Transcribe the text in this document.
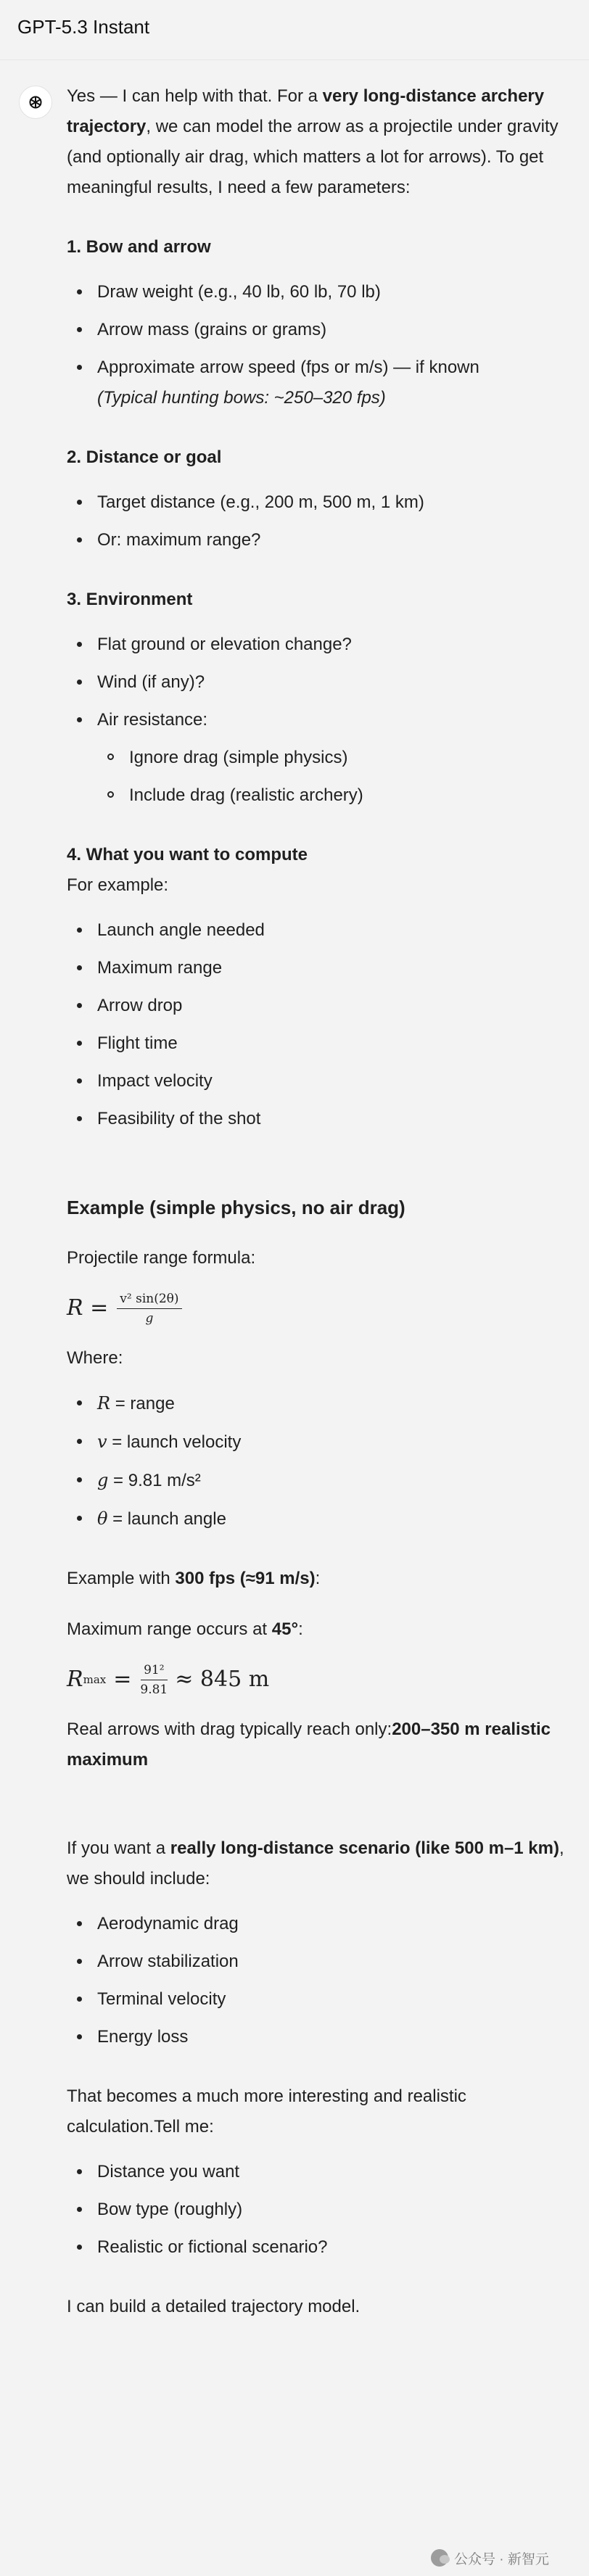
GPT-5.3 Instant

Yes — I can help with that. For a very long-distance archery trajectory, we can model the arrow as a projectile under gravity (and optionally air drag, which matters a lot for arrows). To get meaningful results, I need a few parameters:

1. Bow and arrow

Draw weight (e.g., 40 lb, 60 lb, 70 lb)
Arrow mass (grains or grams)
Approximate arrow speed (fps or m/s) — if known
(Typical hunting bows: ~250–320 fps)

2. Distance or goal

Target distance (e.g., 200 m, 500 m, 1 km)
Or: maximum range?

3. Environment

Flat ground or elevation change?
Wind (if any)?
Air resistance:
Ignore drag (simple physics)
Include drag (realistic archery)

4. What you want to compute

For example:

Launch angle needed
Maximum range
Arrow drop
Flight time
Impact velocity
Feasibility of the shot

Example (simple physics, no air drag)

Projectile range formula:

$R = \frac{\text{v² sin(2θ)}}{g}$

Where:

R = range
v = launch velocity
g = 9.81 m/s²
θ = launch angle

Example with 300 fps (≈91 m/s):

Maximum range occurs at 45°:

R $\max = \frac{\text{91²}}{9.81} \approx 845$ m

Real arrows with drag typically reach only:200–350 m realistic maximum

If you want a really long-distance scenario (like 500 m–1 km), we should include:

Aerodynamic drag
Arrow stabilization
Terminal velocity
Energy loss

That becomes a much more interesting and realistic calculation.Tell me:

Distance you want
Bow type (roughly)
Realistic or fictional scenario?

I can build a detailed trajectory model.

公众号 · 新智元
